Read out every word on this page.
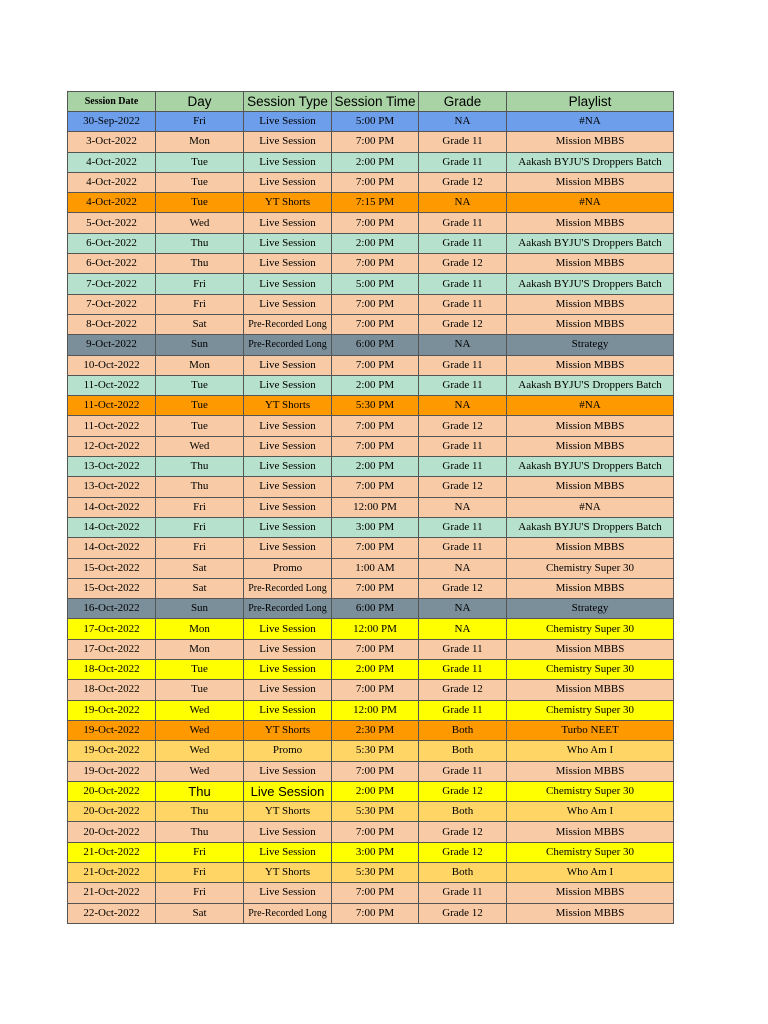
Session Date	Day	Session Type	Session Time	Grade	Playlist
30-Sep-2022	Fri	Live Session	5:00 PM	NA	#NA
3-Oct-2022	Mon	Live Session	7:00 PM	Grade 11	Mission MBBS
4-Oct-2022	Tue	Live Session	2:00 PM	Grade 11	Aakash BYJU'S Droppers Batch
4-Oct-2022	Tue	Live Session	7:00 PM	Grade 12	Mission MBBS
4-Oct-2022	Tue	YT Shorts	7:15 PM	NA	#NA
5-Oct-2022	Wed	Live Session	7:00 PM	Grade 11	Mission MBBS
6-Oct-2022	Thu	Live Session	2:00 PM	Grade 11	Aakash BYJU'S Droppers Batch
6-Oct-2022	Thu	Live Session	7:00 PM	Grade 12	Mission MBBS
7-Oct-2022	Fri	Live Session	5:00 PM	Grade 11	Aakash BYJU'S Droppers Batch
7-Oct-2022	Fri	Live Session	7:00 PM	Grade 11	Mission MBBS
8-Oct-2022	Sat	Pre-Recorded Long	7:00 PM	Grade 12	Mission MBBS
9-Oct-2022	Sun	Pre-Recorded Long	6:00 PM	NA	Strategy
10-Oct-2022	Mon	Live Session	7:00 PM	Grade 11	Mission MBBS
11-Oct-2022	Tue	Live Session	2:00 PM	Grade 11	Aakash BYJU'S Droppers Batch
11-Oct-2022	Tue	YT Shorts	5:30 PM	NA	#NA
11-Oct-2022	Tue	Live Session	7:00 PM	Grade 12	Mission MBBS
12-Oct-2022	Wed	Live Session	7:00 PM	Grade 11	Mission MBBS
13-Oct-2022	Thu	Live Session	2:00 PM	Grade 11	Aakash BYJU'S Droppers Batch
13-Oct-2022	Thu	Live Session	7:00 PM	Grade 12	Mission MBBS
14-Oct-2022	Fri	Live Session	12:00 PM	NA	#NA
14-Oct-2022	Fri	Live Session	3:00 PM	Grade 11	Aakash BYJU'S Droppers Batch
14-Oct-2022	Fri	Live Session	7:00 PM	Grade 11	Mission MBBS
15-Oct-2022	Sat	Promo	1:00 AM	NA	Chemistry Super 30
15-Oct-2022	Sat	Pre-Recorded Long	7:00 PM	Grade 12	Mission MBBS
16-Oct-2022	Sun	Pre-Recorded Long	6:00 PM	NA	Strategy
17-Oct-2022	Mon	Live Session	12:00 PM	NA	Chemistry Super 30
17-Oct-2022	Mon	Live Session	7:00 PM	Grade 11	Mission MBBS
18-Oct-2022	Tue	Live Session	2:00 PM	Grade 11	Chemistry Super 30
18-Oct-2022	Tue	Live Session	7:00 PM	Grade 12	Mission MBBS
19-Oct-2022	Wed	Live Session	12:00 PM	Grade 11	Chemistry Super 30
19-Oct-2022	Wed	YT Shorts	2:30 PM	Both	Turbo NEET
19-Oct-2022	Wed	Promo	5:30 PM	Both	Who Am I
19-Oct-2022	Wed	Live Session	7:00 PM	Grade 11	Mission MBBS
20-Oct-2022	Thu	Live Session	2:00 PM	Grade 12	Chemistry Super 30
20-Oct-2022	Thu	YT Shorts	5:30 PM	Both	Who Am I
20-Oct-2022	Thu	Live Session	7:00 PM	Grade 12	Mission MBBS
21-Oct-2022	Fri	Live Session	3:00 PM	Grade 12	Chemistry Super 30
21-Oct-2022	Fri	YT Shorts	5:30 PM	Both	Who Am I
21-Oct-2022	Fri	Live Session	7:00 PM	Grade 11	Mission MBBS
22-Oct-2022	Sat	Pre-Recorded Long	7:00 PM	Grade 12	Mission MBBS
